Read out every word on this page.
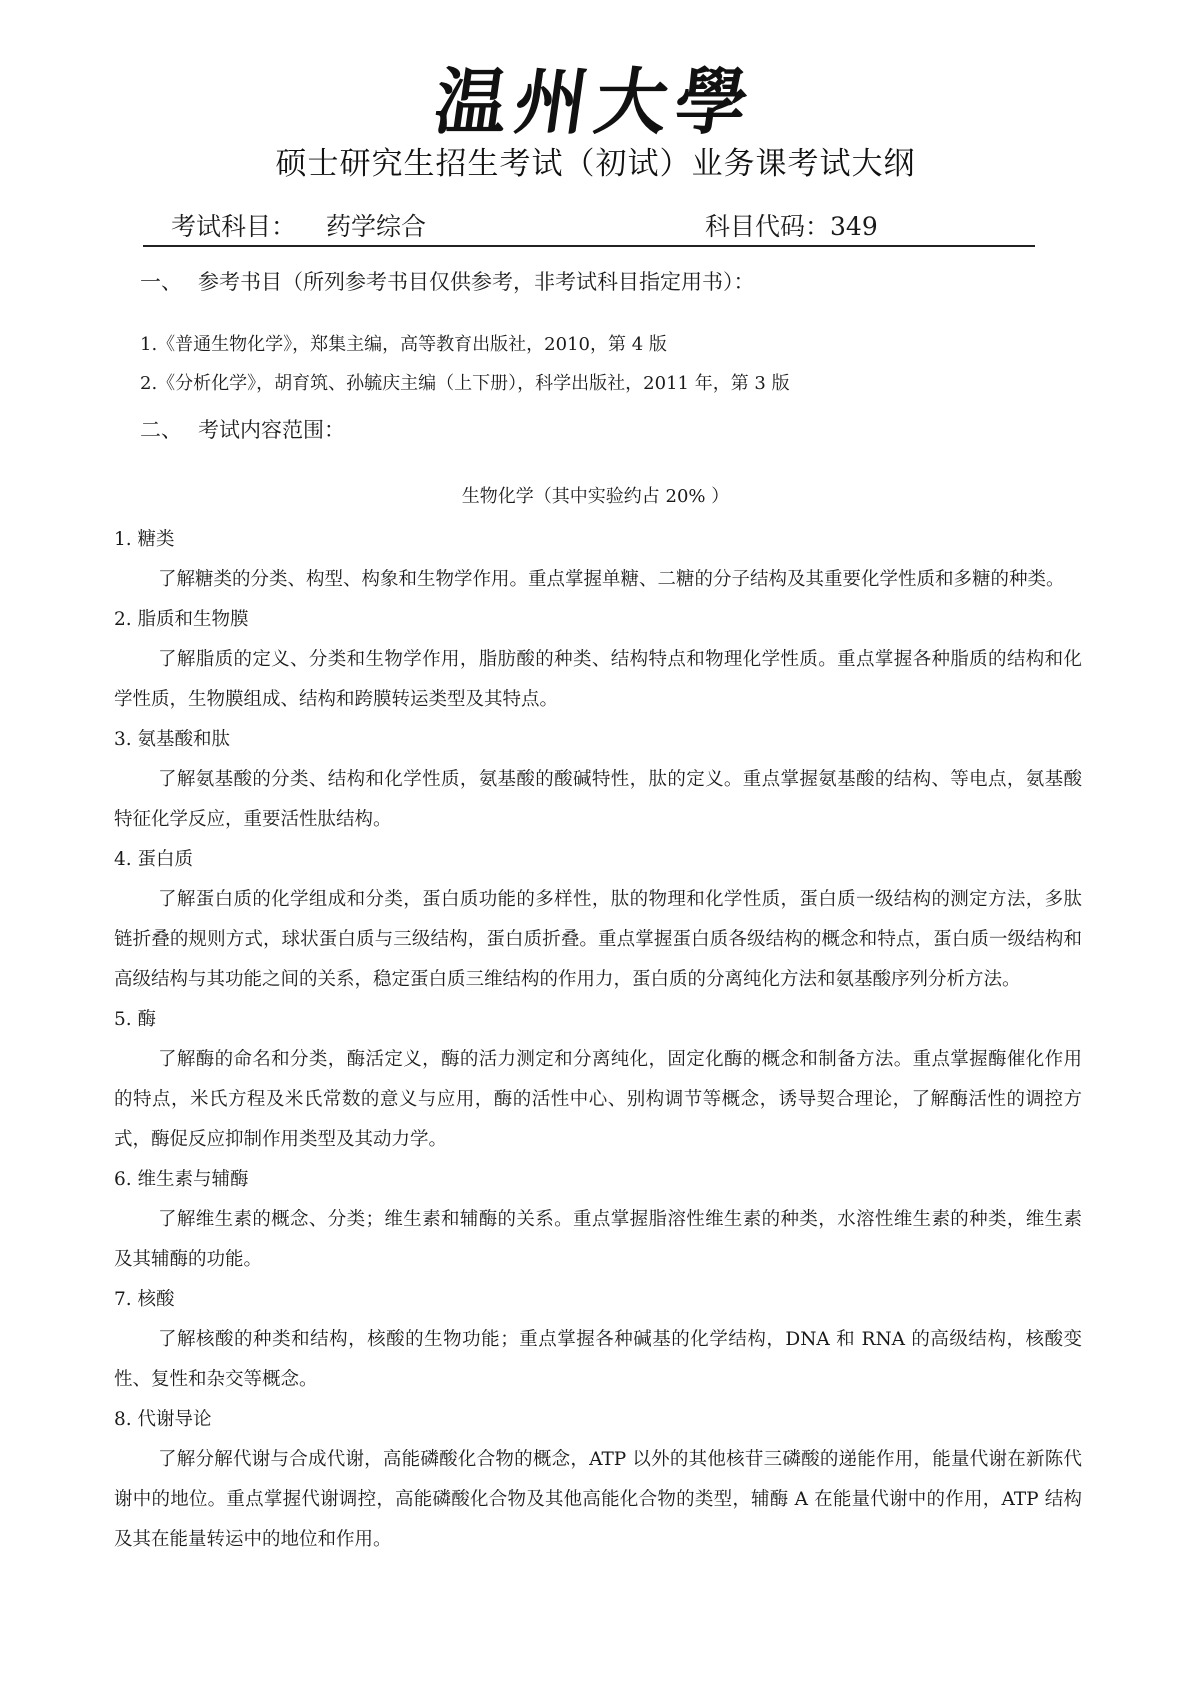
温州大學
硕士研究生招生考试（初试）业务课考试大纲
考试科目： 药学综合	科目代码：349
一、 参考书目（所列参考书目仅供参考，非考试科目指定用书）：
1.《普通生物化学》，郑集主编，高等教育出版社，2010，第 4 版
2.《分析化学》，胡育筑、孙毓庆主编（上下册），科学出版社，2011 年，第 3 版
二、 考试内容范围：
生物化学（其中实验约占 20% ）
1. 糖类
了解糖类的分类、构型、构象和生物学作用。重点掌握单糖、二糖的分子结构及其重要化学性质和多糖的种类。
2. 脂质和生物膜
了解脂质的定义、分类和生物学作用，脂肪酸的种类、结构特点和物理化学性质。重点掌握各种脂质的结构和化学性质，生物膜组成、结构和跨膜转运类型及其特点。
3. 氨基酸和肽
了解氨基酸的分类、结构和化学性质，氨基酸的酸碱特性，肽的定义。重点掌握氨基酸的结构、等电点，氨基酸特征化学反应，重要活性肽结构。
4. 蛋白质
了解蛋白质的化学组成和分类，蛋白质功能的多样性，肽的物理和化学性质，蛋白质一级结构的测定方法，多肽链折叠的规则方式，球状蛋白质与三级结构，蛋白质折叠。重点掌握蛋白质各级结构的概念和特点，蛋白质一级结构和高级结构与其功能之间的关系，稳定蛋白质三维结构的作用力，蛋白质的分离纯化方法和氨基酸序列分析方法。
5. 酶
了解酶的命名和分类，酶活定义，酶的活力测定和分离纯化，固定化酶的概念和制备方法。重点掌握酶催化作用的特点，米氏方程及米氏常数的意义与应用，酶的活性中心、别构调节等概念，诱导契合理论，了解酶活性的调控方式，酶促反应抑制作用类型及其动力学。
6. 维生素与辅酶
了解维生素的概念、分类；维生素和辅酶的关系。重点掌握脂溶性维生素的种类，水溶性维生素的种类，维生素及其辅酶的功能。
7. 核酸
了解核酸的种类和结构，核酸的生物功能；重点掌握各种碱基的化学结构，DNA 和 RNA 的高级结构，核酸变性、复性和杂交等概念。
8. 代谢导论
了解分解代谢与合成代谢，高能磷酸化合物的概念，ATP 以外的其他核苷三磷酸的递能作用，能量代谢在新陈代谢中的地位。重点掌握代谢调控，高能磷酸化合物及其他高能化合物的类型，辅酶 A 在能量代谢中的作用，ATP 结构及其在能量转运中的地位和作用。
